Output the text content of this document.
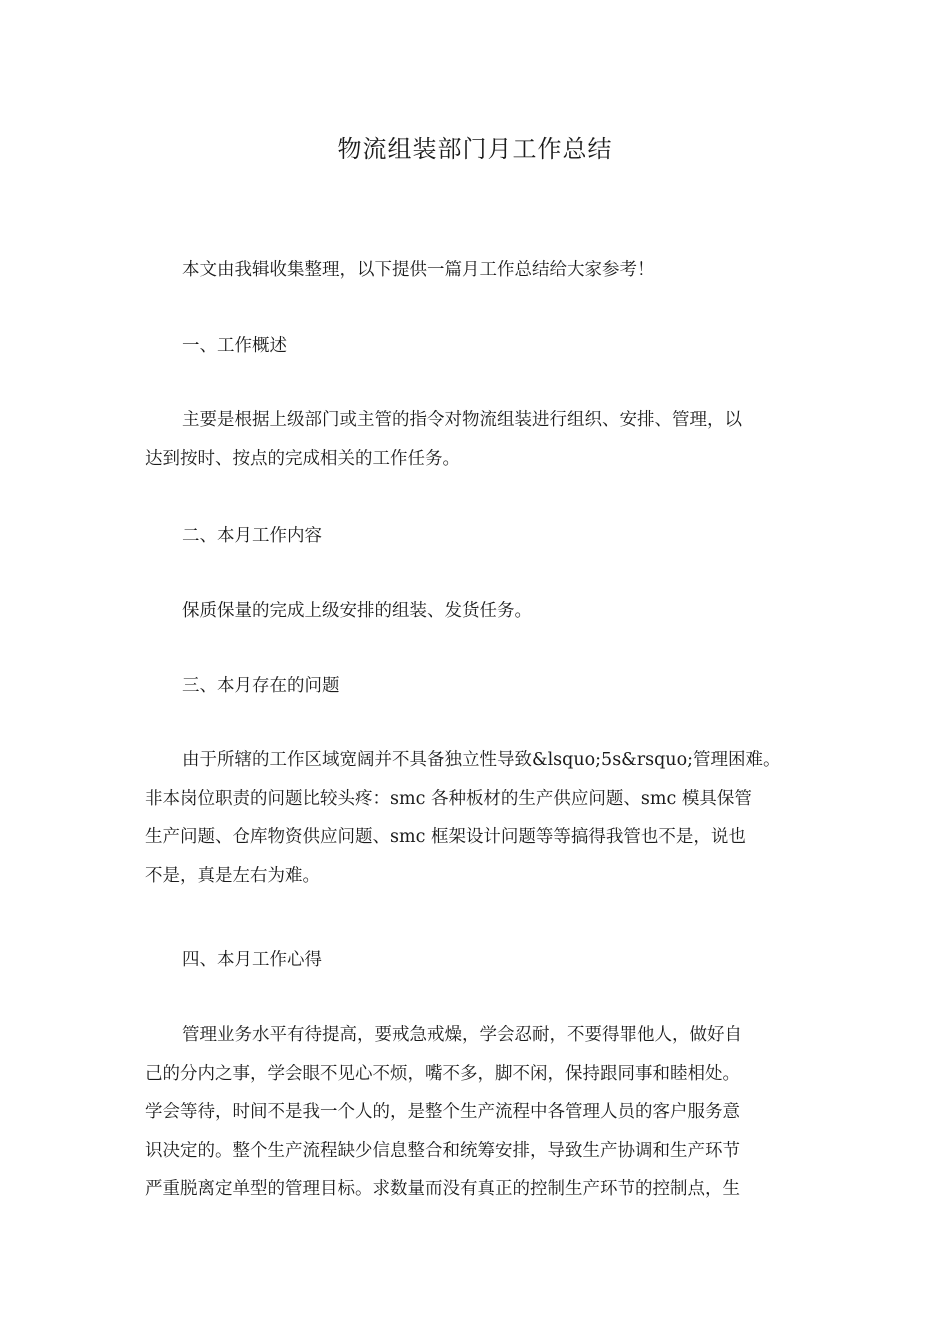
物流组装部门月工作总结

本文由我辑收集整理，以下提供一篇月工作总结给大家参考！

一、工作概述

主要是根据上级部门或主管的指令对物流组装进行组织、安排、管理，以
达到按时、按点的完成相关的工作任务。

二、本月工作内容

保质保量的完成上级安排的组装、发货任务。

三、本月存在的问题

由于所辖的工作区域宽阔并不具备独立性导致&lsquo;5s&rsquo;管理困难。
非本岗位职责的问题比较头疼：smc 各种板材的生产供应问题、smc 模具保管
生产问题、仓库物资供应问题、smc 框架设计问题等等搞得我管也不是，说也
不是，真是左右为难。

四、本月工作心得

管理业务水平有待提高，要戒急戒燥，学会忍耐，不要得罪他人，做好自
己的分内之事，学会眼不见心不烦，嘴不多，脚不闲，保持跟同事和睦相处。
学会等待，时间不是我一个人的，是整个生产流程中各管理人员的客户服务意
识决定的。整个生产流程缺少信息整合和统筹安排，导致生产协调和生产环节
严重脱离定单型的管理目标。求数量而没有真正的控制生产环节的控制点，生
